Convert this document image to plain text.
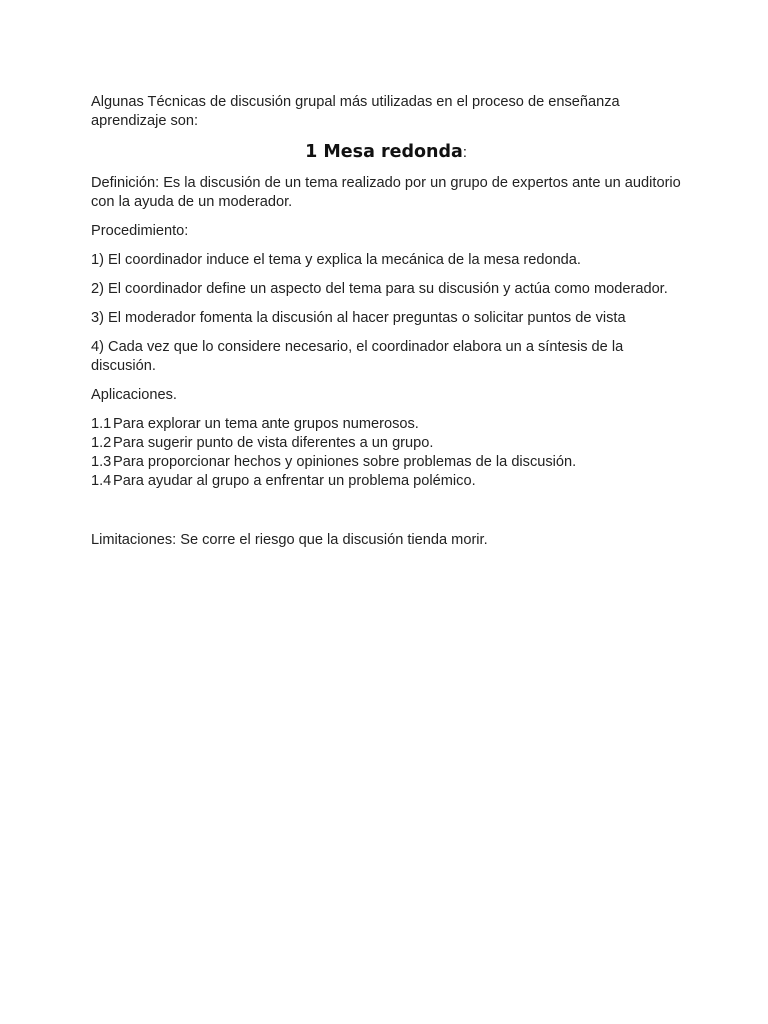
Algunas Técnicas de discusión grupal más utilizadas en el proceso de enseñanza aprendizaje son:

1 Mesa redonda:

Definición: Es la discusión de un tema realizado por un grupo de expertos ante un auditorio con la ayuda de un moderador.

Procedimiento:

1) El coordinador induce el tema y explica la mecánica de la mesa redonda.

2) El coordinador define un aspecto del tema para su discusión y actúa como moderador.

3) El moderador fomenta la discusión al hacer preguntas o solicitar puntos de vista

4) Cada vez que lo considere necesario, el coordinador elabora un a síntesis de la discusión.

Aplicaciones.

1.1 Para explorar un tema ante grupos numerosos.
1.2 Para sugerir punto de vista diferentes a un grupo.
1.3 Para proporcionar hechos y opiniones sobre problemas de la discusión.
1.4 Para ayudar al grupo a enfrentar un problema polémico.

Limitaciones: Se corre el riesgo que la discusión tienda morir.
